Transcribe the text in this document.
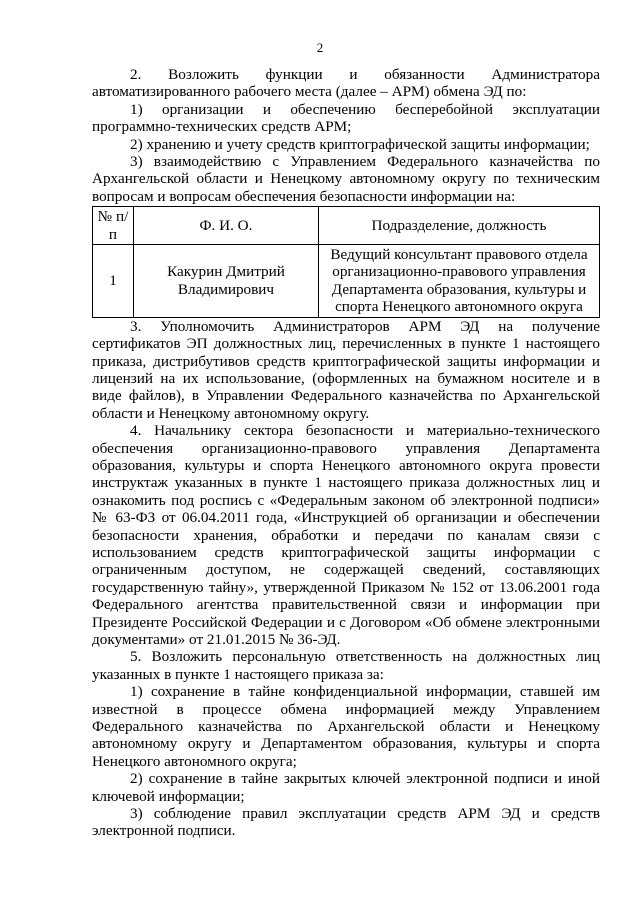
2

2. Возложить функции и обязанности Администратора автоматизированного рабочего места (далее – АРМ) обмена ЭД по:

1) организации и обеспечению бесперебойной эксплуатации программно-технических средств АРМ;

2) хранению и учету средств криптографической защиты информации;

3) взаимодействию с Управлением Федерального казначейства по Архангельской области и Ненецкому автономному округу по техническим вопросам и вопросам обеспечения безопасности информации на:

№ п/п	Ф. И. О.	Подразделение, должность
1	Какурин Дмитрий Владимирович	Ведущий консультант правового отдела организационно-правового управления Департамента образования, культуры и спорта Ненецкого автономного округа

3. Уполномочить Администраторов АРМ ЭД на получение сертификатов ЭП должностных лиц, перечисленных в пункте 1 настоящего приказа, дистрибутивов средств криптографической защиты информации и лицензий на их использование, (оформленных на бумажном носителе и в виде файлов), в Управлении Федерального казначейства по Архангельской области и Ненецкому автономному округу.

4. Начальнику сектора безопасности и материально-технического обеспечения организационно-правового управления Департамента образования, культуры и спорта Ненецкого автономного округа провести инструктаж указанных в пункте 1 настоящего приказа должностных лиц и ознакомить под роспись с «Федеральным законом об электронной подписи» № 63-ФЗ от 06.04.2011 года, «Инструкцией об организации и обеспечении безопасности хранения, обработки и передачи по каналам связи с использованием средств криптографической защиты информации с ограниченным доступом, не содержащей сведений, составляющих государственную тайну», утвержденной Приказом № 152 от 13.06.2001 года Федерального агентства правительственной связи и информации при Президенте Российской Федерации и с Договором «Об обмене электронными документами» от 21.01.2015 № 36-ЭД.

5. Возложить персональную ответственность на должностных лиц указанных в пункте 1 настоящего приказа за:

1) сохранение в тайне конфиденциальной информации, ставшей им известной в процессе обмена информацией между Управлением Федерального казначейства по Архангельской области и Ненецкому автономному округу и Департаментом образования, культуры и спорта Ненецкого автономного округа;

2) сохранение в тайне закрытых ключей электронной подписи и иной ключевой информации;

3) соблюдение правил эксплуатации средств АРМ ЭД и средств электронной подписи.
